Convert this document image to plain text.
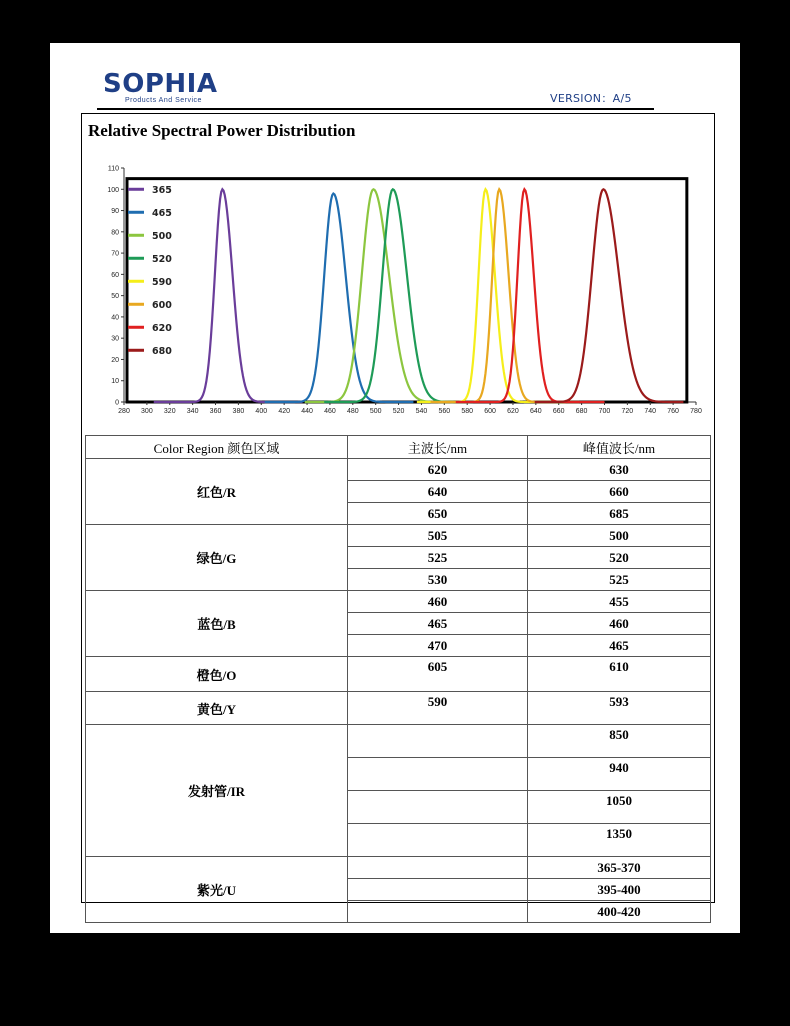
SOPHIA
Products And Service	VERSION：A/5
Relative Spectral Power Distribution
0
10
20
30
40
50
60
70
80
90
100
110
280 300 320 340 360 380 400 420 440 460 480 500 520 540 560 580 600 620 640 660 680 700 720 740 760 780
365
465
500
520
590
600
620
680
Color Region 颜色区域	主波长/nm	峰值波长/nm
红色/R	620	630
	640	660
	650	685
绿色/G	505	500
	525	520
	530	525
蓝色/B	460	455
	465	460
	470	465
橙色/O	605	610
黄色/Y	590	593
发射管/IR		850
		940
		1050
		1350
紫光/U		365-370
		395-400
		400-420
